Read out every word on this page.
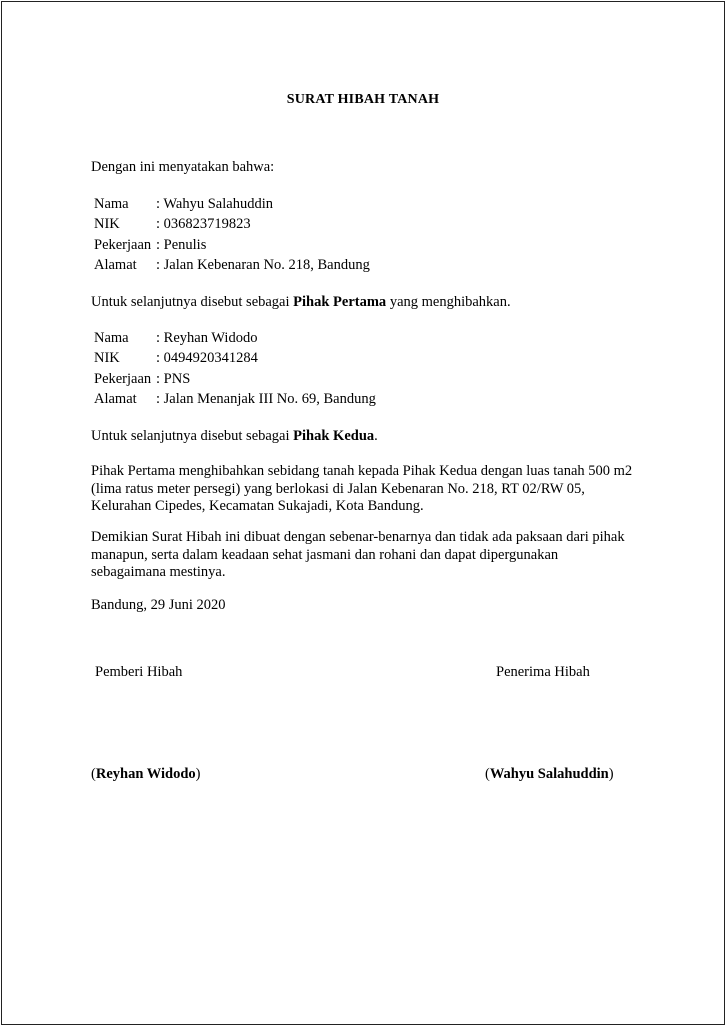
SURAT HIBAH TANAH
Dengan ini menyatakan bahwa:
Nama	: Wahyu Salahuddin
NIK	: 036823719823
Pekerjaan	: Penulis
Alamat	: Jalan Kebenaran No. 218, Bandung
Untuk selanjutnya disebut sebagai Pihak Pertama yang menghibahkan.
Nama	: Reyhan Widodo
NIK	: 0494920341284
Pekerjaan	: PNS
Alamat	: Jalan Menanjak III No. 69, Bandung
Untuk selanjutnya disebut sebagai Pihak Kedua.
Pihak Pertama menghibahkan sebidang tanah kepada Pihak Kedua dengan luas tanah 500 m2
(lima ratus meter persegi) yang berlokasi di Jalan Kebenaran No. 218, RT 02/RW 05,
Kelurahan Cipedes, Kecamatan Sukajadi, Kota Bandung.
Demikian Surat Hibah ini dibuat dengan sebenar-benarnya dan tidak ada paksaan dari pihak
manapun, serta dalam keadaan sehat jasmani dan rohani dan dapat dipergunakan
sebagaimana mestinya.
Bandung, 29 Juni 2020
Pemberi Hibah	Penerima Hibah
(Reyhan Widodo)	(Wahyu Salahuddin)
